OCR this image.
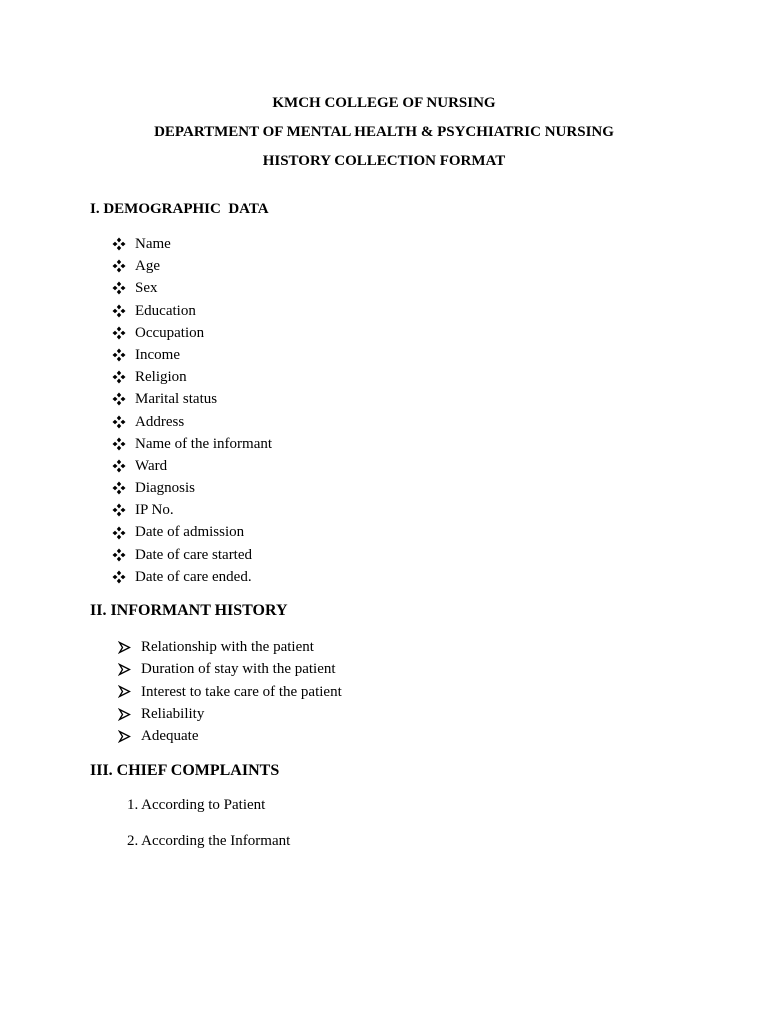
KMCH COLLEGE OF NURSING
DEPARTMENT OF MENTAL HEALTH & PSYCHIATRIC NURSING
HISTORY COLLECTION FORMAT
I. DEMOGRAPHIC  DATA
Name
Age
Sex
Education
Occupation
Income
Religion
Marital status
Address
Name of the informant
Ward
Diagnosis
IP No.
Date of admission
Date of care started
Date of care ended.
II. INFORMANT HISTORY
Relationship with the patient
Duration of stay with the patient
Interest to take care of the patient
Reliability
Adequate
III. CHIEF COMPLAINTS
1. According to Patient
2. According the Informant
